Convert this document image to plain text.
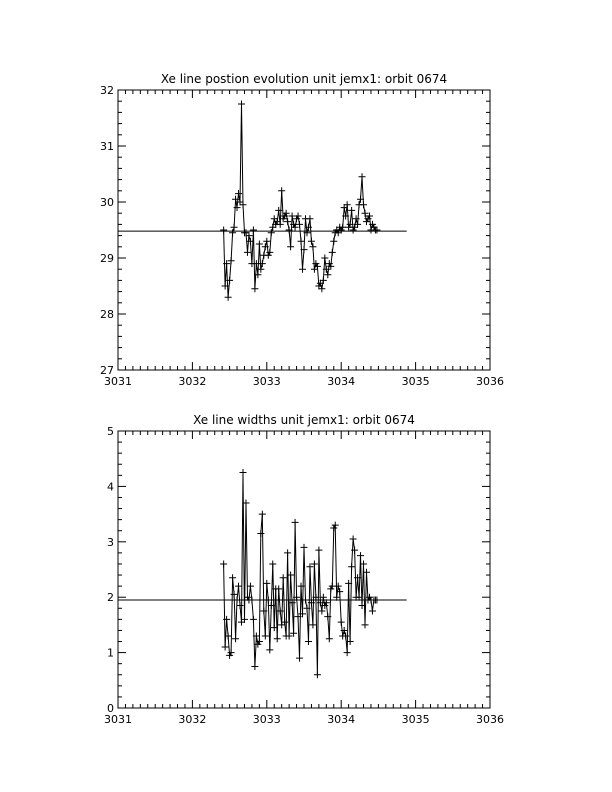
Xe line postion evolution unit jemx1: orbit 0674
3031	3032	3033	3034	3035	3036
27
28
29
30
31
32
Xe line widths unit jemx1: orbit 0674
3031	3032	3033	3034	3035	3036
0
1
2
3
4
5
